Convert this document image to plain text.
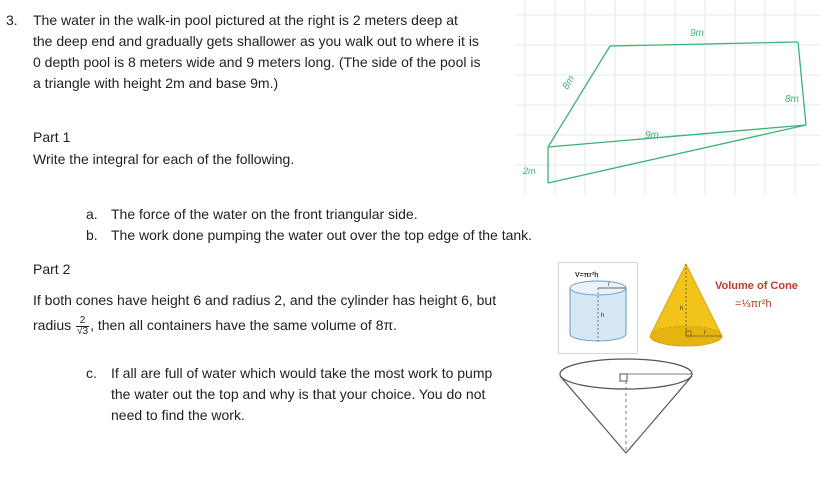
3. The water in the walk-in pool pictured at the right is 2 meters deep at
the deep end and gradually gets shallower as you walk out to where it is
0 depth pool is 8 meters wide and 9 meters long. (The side of the pool is
a triangle with height 2m and base 9m.)
Part 1
Write the integral for each of the following.
a. The force of the water on the front triangular side.
b. The work done pumping the water out over the top edge of the tank.
Part 2
If both cones have height 6 and radius 2, and the cylinder has height 6, but
radius $\frac{2}{√3}$ , then all containers have the same volume of 8π.
c. If all are full of water which would take the most work to pump
the water out the top and why is that your choice. You do not
need to find the work.
9m
8m
8m
9m
2m
V=πr²h
r
h
h
r
Volume of Cone
=⅓πr²h
